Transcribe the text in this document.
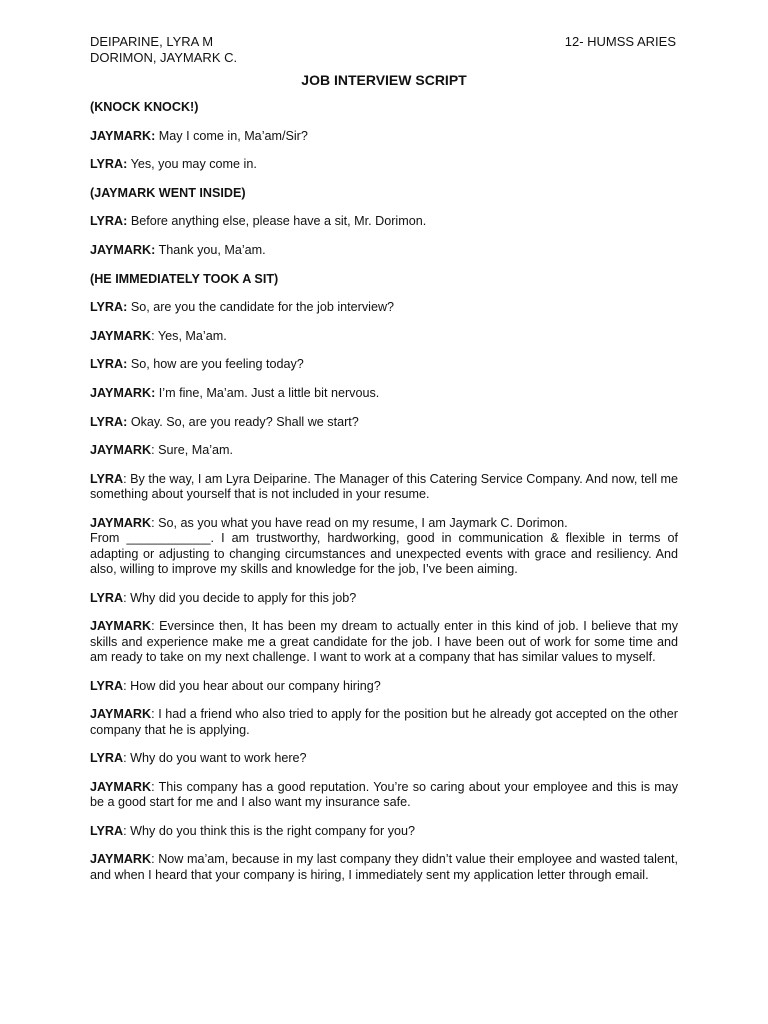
DEIPARINE, LYRA M
DORIMON, JAYMARK C.
12- HUMSS ARIES
JOB INTERVIEW SCRIPT

(KNOCK KNOCK!)

JAYMARK: May I come in, Ma’am/Sir?

LYRA: Yes, you may come in.

(JAYMARK WENT INSIDE)

LYRA: Before anything else, please have a sit, Mr. Dorimon.

JAYMARK: Thank you, Ma’am.

(HE IMMEDIATELY TOOK A SIT)

LYRA: So, are you the candidate for the job interview?

JAYMARK: Yes, Ma’am.

LYRA: So, how are you feeling today?

JAYMARK: I’m fine, Ma’am. Just a little bit nervous.

LYRA: Okay. So, are you ready? Shall we start?

JAYMARK: Sure, Ma’am.

LYRA: By the way, I am Lyra Deiparine. The Manager of this Catering Service Company. And now, tell me something about yourself that is not included in your resume.

JAYMARK: So, as you what you have read on my resume, I am Jaymark C. Dorimon.
From ____________. I am trustworthy, hardworking, good in communication & flexible in terms of adapting or adjusting to changing circumstances and unexpected events with grace and resiliency. And also, willing to improve my skills and knowledge for the job, I’ve been aiming.

LYRA: Why did you decide to apply for this job?

JAYMARK: Eversince then, It has been my dream to actually enter in this kind of job. I believe that my skills and experience make me a great candidate for the job. I have been out of work for some time and am ready to take on my next challenge. I want to work at a company that has similar values to myself.

LYRA: How did you hear about our company hiring?

JAYMARK: I had a friend who also tried to apply for the position but he already got accepted on the other company that he is applying.

LYRA: Why do you want to work here?

JAYMARK: This company has a good reputation. You’re so caring about your employee and this is may be a good start for me and I also want my insurance safe.

LYRA: Why do you think this is the right company for you?

JAYMARK: Now ma’am, because in my last company they didn’t value their employee and wasted talent, and when I heard that your company is hiring, I immediately sent my application letter through email.
